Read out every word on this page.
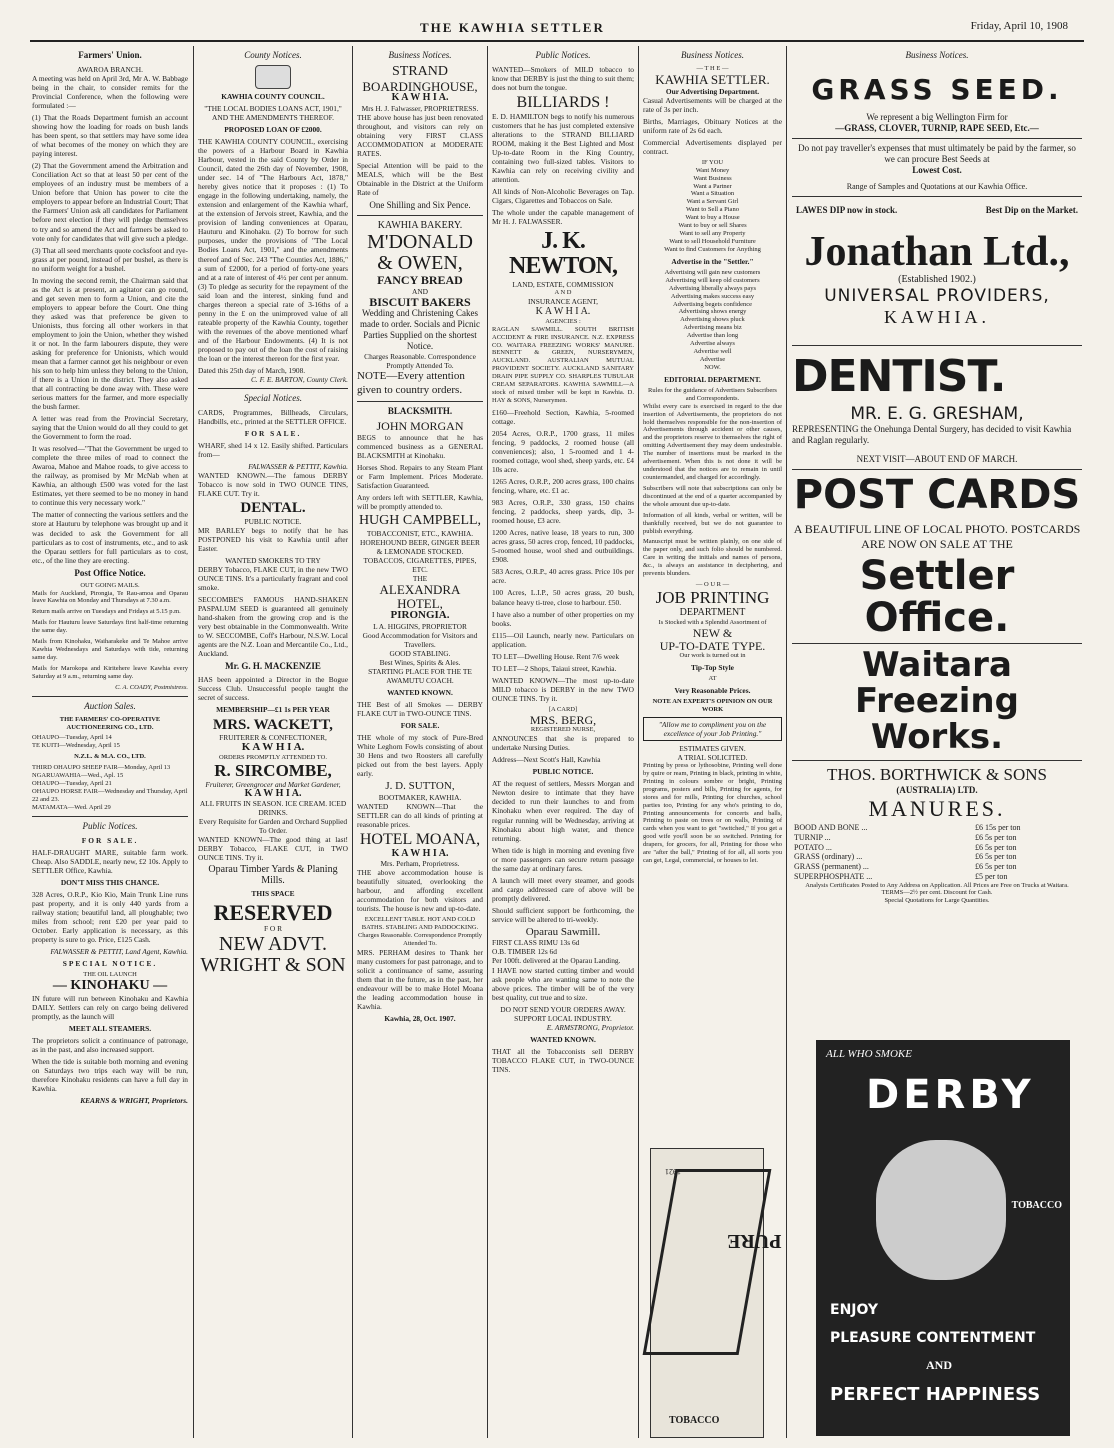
THE KAWHIA SETTLER	Friday, April 10, 1908
Farmers' Union.
AWAROA BRANCH.

A meeting was held on April 3rd, Mr A. W. Babbage being in the chair, to consider remits for the Provincial Conference, when the following were formulated :—

(1) That the Roads Department furnish an account showing how the loading for roads on bush lands has been spent, so that settlers may have some idea of what becomes of the money on which they are paying interest.

(2) That the Government amend the Arbitration and Conciliation Act so that at least 50 per cent of the employees of an industry must be members of a Union before that Union has power to cite the employers to appear before an Industrial Court; That the Farmers' Union ask all candidates for Parliament before next election if they will pledge themselves to try and so amend the Act and farmers be asked to vote only for candidates that will give such a pledge.

(3) That all seed merchants quote cocksfoot and rye-grass at per pound, instead of per bushel, as there is no uniform weight for a bushel.

In moving the second remit, the Chairman said that as the Act is at present, an agitator can go round, and get seven men to form a Union, and cite the employers to appear before the Court. One thing they asked was that preference be given to Unionists, thus forcing all other workers in that employment to join the Union, whether they wished it or not. In the farm labourers dispute, they were asking for preference for Unionists, which would mean that a farmer cannot get his neighbour or even his son to help him unless they belong to the Union, if there is a Union in the district. They also asked that all contracting be done away with. These were serious matters for the farmer, and more especially the bush farmer.

A letter was read from the Provincial Secretary, saying that the Union would do all they could to get the Government to form the road.

It was resolved—"That the Government be urged to complete the three miles of road to connect the Awaroa, Mahoe and Mahoe roads, to give access to the railway, as promised by Mr McNab when at Kawhia, an although £500 was voted for the last Estimates, yet there seemed to be no money in hand to continue this very necessary work."

The matter of connecting the various settlers and the store at Hauturu by telephone was brought up and it was decided to ask the Government for all particulars as to cost of instruments, etc., and to ask the Oparau settlers for full particulars as to cost, etc., of the line they are erecting.

Post Office Notice.
OUT GOING MAILS.

Mails for Auckland, Pirongia, Te Rau-amoa and Oparau leave Kawhia on Monday and Thursdays at 7.30 a.m.

Return mails arrive on Tuesdays and Fridays at 5.15 p.m.

Mails for Hauturu leave Saturdays first half-time returning the same day.

Mails from Kinohaku, Waiharakeke and Te Mahoe arrive Kawhia Wednesdays and Saturdays with tide, returning same day.

Mails for Marokopa and Kiritehere leave Kawhia every Saturday at 9 a.m., returning same day.

C. A. COADY, Postmistress.
Auction Sales.
THE FARMERS' CO-OPERATIVE AUCTIONEERING CO., LTD.
OHAUPO—Tuesday, April 14
TE KUITI—Wednesday, April 15
N.Z.L. & M.A. CO., LTD.
THIRD OHAUPO SHEEP FAIR—Monday, April 13
NGARUAWAHIA—Wed., Apl. 15
OHAUPO—Tuesday, April 21
OHAUPO HORSE FAIR—Wednesday and Thursday, April 22 and 23.
MATAMATA—Wed. April 29
Public Notices.
FOR SALE.

HALF-DRAUGHT MARE, suitable farm work. Cheap. Also SADDLE, nearly new, £2 10s. Apply to SETTLER Office, Kawhia.

DON'T MISS THIS CHANCE.

328 Acres, O.R.P., Kio Kio, Main Trunk Line runs past property, and it is only 440 yards from a railway station; beautiful land, all ploughable; two miles from school; rent £20 per year paid to October. Early application is necessary, as this property is sure to go. Price, £125 Cash.

FALWASSER & PETTIT, Land Agent, Kawhia.
SPECIAL NOTICE.
THE OIL LAUNCH
— KINOHAKU —

IN future will run between Kinohaku and Kawhia DAILY. Settlers can rely on cargo being delivered promptly, as the launch will

MEET ALL STEAMERS.

The proprietors solicit a continuance of patronage, as in the past, and also increased support.

When the tide is suitable both morning and evening on Saturdays two trips each way will be run, therefore Kinohaku residents can have a full day in Kawhia.

KEARNS & WRIGHT, Proprietors.
County Notices.
KAWHIA COUNTY COUNCIL.
"THE LOCAL BODIES LOANS ACT, 1901," AND THE AMENDMENTS THEREOF.
PROPOSED LOAN OF £2000.

THE KAWHIA COUNTY COUNCIL, exercising the powers of a Harbour Board in Kawhia Harbour, vested in the said County by Order in Council, dated the 26th day of November, 1908, under sec. 14 of "The Harbours Act, 1878," hereby gives notice that it proposes : (1) To engage in the following undertaking, namely, the extension and enlargement of the Kawhia wharf, at the extension of Jervois street, Kawhia, and the provision of landing conveniences at Oparau, Hauturu and Kinohaku. (2) To borrow for such purposes, under the provisions of "The Local Bodies Loans Act, 1901," and the amendments thereof and of Sec. 243 "The Counties Act, 1886," a sum of £2000, for a period of forty-one years and at a rate of interest of 4½ per cent per annum. (3) To pledge as security for the repayment of the said loan and the interest, sinking fund and charges thereon a special rate of 3-16ths of a penny in the £ on the unimproved value of all rateable property of the Kawhia County, together with the revenues of the above mentioned wharf and of the Harbour Endowments. (4) It is not proposed to pay out of the loan the cost of raising the loan or the interest thereon for the first year.

Dated this 25th day of March, 1908.
C. F. E. BARTON, County Clerk.
Special Notices.

CARDS, Programmes, Billheads, Circulars, Handbills, etc., printed at the SETTLER OFFICE.

FOR SALE.

WHARF, shed 14 x 12. Easily shifted. Particulars from—

FALWASSER & PETTIT, Kawhia.

WANTED KNOWN.—The famous DERBY Tobacco is now sold in TWO OUNCE TINS, FLAKE CUT. Try it.

DENTAL.
PUBLIC NOTICE.

MR BARLEY begs to notify that he has POSTPONED his visit to Kawhia until after Easter.

WANTED SMOKERS TO TRY

DERBY Tobacco, FLAKE CUT, in the new TWO OUNCE TINS. It's a particularly fragrant and cool smoke.

SECCOMBE'S FAMOUS HAND-SHAKEN PASPALUM SEED is guaranteed all genuinely hand-shaken from the growing crop and is the very best obtainable in the Commonwealth. Write to W. SECCOMBE, Coff's Harbour, N.S.W. Local agents are the N.Z. Loan and Mercantile Co., Ltd., Auckland.

Mr. G. H. MACKENZIE

HAS been appointed a Director in the Bogue Success Club. Unsuccessful people taught the secret of success.

MEMBERSHIP—£1 1s PER YEAR
MRS. WACKETT,
FRUITERER & CONFECTIONER,
K A W H I A.
ORDERS PROMPTLY ATTENDED TO.
R. SIRCOMBE,
Fruiterer, Greengrocer and Market Gardener,
K A W H I A.
ALL FRUITS IN SEASON. ICE CREAM. ICED DRINKS.
Every Requisite for Garden and Orchard Supplied To Order.

WANTED KNOWN—The good thing at last! DERBY Tobacco, FLAKE CUT, in TWO OUNCE TINS. Try it.

Oparau Timber Yards & Planing Mills.
THIS SPACE
RESERVED
F O R
NEW ADVT.
WRIGHT & SON
Business Notices.
STRAND
BOARDINGHOUSE,
K A W H I A.
Mrs H. J. Falwasser, PROPRIETRESS.

THE above house has just been renovated throughout, and visitors can rely on obtaining very FIRST CLASS ACCOMMODATION at MODERATE RATES.

Special Attention will be paid to the MEALS, which will be the Best Obtainable in the District at the Uniform Rate of

One Shilling and Six Pence.
KAWHIA BAKERY.
M'DONALD & OWEN,
FANCY BREAD
AND
BISCUIT BAKERS
Wedding and Christening Cakes made to order. Socials and Picnic Parties Supplied on the shortest Notice.
Charges Reasonable. Correspondence Promptly Attended To.
NOTE—Every attention given to country orders.
BLACKSMITH.
JOHN MORGAN

BEGS to announce that he has commenced business as a GENERAL BLACKSMITH at Kinohaku.

Horses Shod. Repairs to any Steam Plant or Farm Implement. Prices Moderate. Satisfaction Guaranteed.

Any orders left with SETTLER, Kawhia, will be promptly attended to.

HUGH CAMPBELL,
TOBACCONIST, ETC., KAWHIA.
HOREHOUND BEER, GINGER BEER & LEMONADE STOCKED.
TOBACCOS, CIGARETTES, PIPES, ETC.
THE
ALEXANDRA HOTEL,
PIRONGIA.
L A. HIGGINS, PROPRIETOR
Good Accommodation for Visitors and Travellers.
GOOD STABLING.
Best Wines, Spirits & Ales.
STARTING PLACE FOR THE TE AWAMUTU COACH.
WANTED KNOWN.

THE Best of all Smokes — DERBY FLAKE CUT in TWO-OUNCE TINS.

FOR SALE.

THE whole of my stock of Pure-Bred White Leghorn Fowls consisting of about 30 Hens and two Roosters all carefully picked out from the best layers. Apply early.

J. D. SUTTON,
BOOTMAKER, KAWHIA.

WANTED KNOWN—That the SETTLER can do all kinds of printing at reasonable prices.

HOTEL MOANA,
K A W H I A.
Mrs. Perham, Proprietress.

THE above accommodation house is beautifully situated, overlooking the harbour, and affording excellent accommodation for both visitors and tourists. The house is new and up-to-date.

EXCELLENT TABLE. HOT AND COLD BATHS. STABLING AND PADDOCKING.
Charges Reasonable. Correspondence Promptly Attended To.

MRS. PERHAM desires to Thank her many customers for past patronage, and to solicit a continuance of same, assuring them that in the future, as in the past, her endeavour will be to make Hotel Moana the leading accommodation house in Kawhia.

Kawhia, 28, Oct. 1907.
Public Notices.

WANTED—Smokers of MILD tobacco to know that DERBY is just the thing to suit them; does not burn the tongue.

BILLIARDS !

E. D. HAMILTON begs to notify his numerous customers that he has just completed extensive alterations to the STRAND BILLIARD ROOM, making it the Best Lighted and Most Up-to-date Room in the King Country, containing two full-sized tables. Visitors to Kawhia can rely on receiving civility and attention.

All kinds of Non-Alcoholic Beverages on Tap. Cigars, Cigarettes and Tobaccos on Sale.

The whole under the capable management of Mr H. J. FALWASSER.

J. K. NEWTON,
LAND, ESTATE, COMMISSION
A N D
INSURANCE AGENT,
K A W H I A.
AGENCIES :

RAGLAN SAWMILL. SOUTH BRITISH ACCIDENT & FIRE INSURANCE. N.Z. EXPRESS CO. WAITARA FREEZING WORKS' MANURE. BENNETT & GREEN, NURSERYMEN, AUCKLAND. AUSTRALIAN MUTUAL PROVIDENT SOCIETY. AUCKLAND SANITARY DRAIN PIPE SUPPLY CO. SHARPLES TUBULAR CREAM SEPARATORS. KAWHIA SAWMILL—A stock of mixed timber will be kept in Kawhia. D. HAY & SONS, Nurserymen.

£160—Freehold Section, Kawhia, 5-roomed cottage.

2054 Acres, O.R.P., 1700 grass, 11 miles fencing, 9 paddocks, 2 roomed house (all conveniences); also, 1 5-roomed and 1 4-roomed cottage, wool shed, sheep yards, etc. £4 10s acre.

1265 Acres, O.R.P., 200 acres grass, 100 chains fencing, whare, etc. £1 ac.

983 Acres, O.R.P., 330 grass, 150 chains fencing, 2 paddocks, sheep yards, dip, 3-roomed house, £3 acre.

1200 Acres, native lease, 18 years to run, 300 acres grass, 50 acres crop, fenced, 10 paddocks, 5-roomed house, wool shed and outbuildings. £908.

583 Acres, O.R.P., 40 acres grass. Price 10s per acre.

100 Acres, L.I.P., 50 acres grass, 20 bush, balance heavy ti-tree, close to harbour. £50.

I have also a number of other properties on my books.

£115—Oil Launch, nearly new. Particulars on application.

TO LET—Dwelling House. Rent 7/6 week

TO LET—2 Shops, Taiaui street, Kawhia.

WANTED KNOWN—The most up-to-date MILD tobacco is DERBY in the new TWO OUNCE TINS. Try it.

[A CARD]
MRS. BERG,
REGISTERED NURSE,

ANNOUNCES that she is prepared to undertake Nursing Duties.

Address—Next Scott's Hall, Kawhia
PUBLIC NOTICE.

AT the request of settlers, Messrs Morgan and Newton desire to intimate that they have decided to run their launches to and from Kinohaku when ever required. The day of regular running will be Wednesday, arriving at Kinohaku about high water, and thence returning.

When tide is high in morning and evening five or more passengers can secure return passage the same day at ordinary fares.

A launch will meet every steamer, and goods and cargo addressed care of above will be promptly delivered.

Should sufficient support be forthcoming, the service will be altered to tri-weekly.

Oparau Sawmill.
FIRST CLASS RIMU 13s 6d
O.B. TIMBER 12s 6d
Per 100ft. delivered at the Oparau Landing.

I HAVE now started cutting timber and would ask people who are wanting same to note the above prices. The timber will be of the very best quality, cut true and to size.

DO NOT SEND YOUR ORDERS AWAY.
SUPPORT LOCAL INDUSTRY.
E. ARMSTRONG, Proprietor.
WANTED KNOWN.

THAT all the Tobacconists sell DERBY TOBACCO FLAKE CUT, in TWO-OUNCE TINS.

Business Notices.
— T H E —
KAWHIA SETTLER.
Our Advertising Department.

Casual Advertisements will be charged at the rate of 3s per inch.

Births, Marriages, Obituary Notices at the uniform rate of 2s 6d each.

Commercial Advertisements displayed per contract.

IF YOU
Want Money
Want Business
Want a Partner
Want a Situation
Want a Servant Girl
Want to Sell a Piano
Want to buy a House
Want to buy or sell Shares
Want to sell any Property
Want to sell Household Furniture
Want to find Customers for Anything
Advertise in the "Settler."
Advertising will gain new customers
Advertising will keep old customers
Advertising liberally always pays
Advertising makes success easy
Advertising begets confidence
Advertising shows energy
Advertising shows pluck
Advertising means biz
Advertise than long
Advertise always
Advertise well
Advertise
NOW.
EDITORIAL DEPARTMENT.
Rules for the guidance of Advertisers Subscribers and Correspondents.

Whilst every care is exercised in regard to the due insertion of Advertisements, the proprietors do not hold themselves responsible for the non-insertion of Advertisements through accident or other causes, and the proprietors reserve to themselves the right of omitting Advertisement they may deem undesirable. The number of insertions must be marked in the advertisement. When this is not done it will be understood that the notices are to remain in until countermanded, and charged for accordingly.

Subscribers will note that subscriptions can only be discontinued at the end of a quarter accompanied by the whole amount due up-to-date.

Information of all kinds, verbal or written, will be thankfully received, but we do not guarantee to publish everything.

Manuscript must be written plainly, on one side of the paper only, and such folio should be numbered. Care in writing the initials and names of persons, &c., is always an assistance in deciphering, and prevents blunders.

— O U R —
JOB PRINTING
DEPARTMENT
Is Stocked with a Splendid Assortment of
NEW &
UP-TO-DATE TYPE.
Our work is turned out in
Tip-Top Style
AT
Very Reasonable Prices.
NOTE AN EXPERT'S OPINION ON OUR WORK
"Allow me to compliment you on the excellence of your Job Printing."
ESTIMATES GIVEN.
A TRIAL SOLICITED.

Printing by press or lythosobine, Printing well done by quire or ream, Printing in black, printing in white, Printing in colours sombre or bright, Printing programs, posters and bills, Printing for agents, for stores and for mills, Printing for churches, school parties too, Printing for any who's printing to do, Printing announcements for concerts and balls, Printing to paste on trees or on walls, Printing of cards when you want to get "switched," If you get a good wife you'll soon be so switched. Printing for drapers, for grocers, for all, Printing for those who are "after the ball," Printing of for all, all sorts you can get, Legal, commercial, or houses to let.

PURE
1921
TOBACCO
Business Notices.
GRASS SEED.
We represent a big Wellington Firm for
—GRASS, CLOVER, TURNIP, RAPE SEED, Etc.—
Do not pay traveller's expenses that must ultimately be paid by the farmer, so we can procure Best Seeds at
Lowest Cost.
Range of Samples and Quotations at our Kawhia Office.
LAWES DIP now in stock.	Best Dip on the Market.
Jonathan Ltd.,
(Established 1902.)
UNIVERSAL PROVIDERS,
KAWHIA.
DENTIST.
MR. E. G. GRESHAM,
REPRESENTING the Onehunga Dental Surgery, has decided to visit Kawhia and Raglan regularly.
NEXT VISIT—ABOUT END OF MARCH.
POST CARDS
A BEAUTIFUL LINE OF LOCAL PHOTO. POSTCARDS ARE NOW ON SALE AT THE
Settler Office.
Waitara Freezing Works.
THOS. BORTHWICK & SONS
(AUSTRALIA) LTD.
MANURES.
BOOD AND BONE ...	£6 15s per ton
TURNIP ...	£6 5s per ton
POTATO ...	£6 5s per ton
GRASS (ordinary) ...	£6 5s per ton
GRASS (permanent) ...	£6 5s per ton
SUPERPHOSPHATE ...	£5 per ton
Analysis Certificates Posted to Any Address on Application. All Prices are Free on Trucks at Waitara.
TERMS—2½ per cent. Discount for Cash.
Special Quotations for Large Quantities.
ALL WHO SMOKE
DERBY
TOBACCO
ENJOY
PLEASURE CONTENTMENT
AND
PERFECT HAPPINESS
